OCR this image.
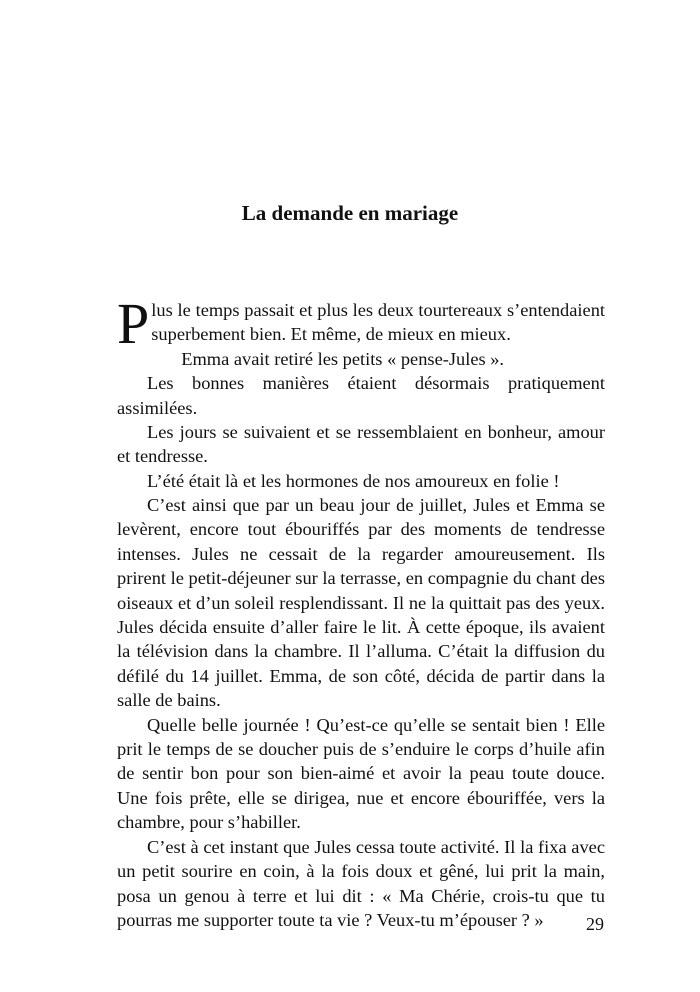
La demande en mariage

Plus le temps passait et plus les deux tourtereaux s’entendaient superbement bien. Et même, de mieux en mieux.

Emma avait retiré les petits « pense-Jules ».

Les bonnes manières étaient désormais pratiquement assimilées.

Les jours se suivaient et se ressemblaient en bonheur, amour et tendresse.

L’été était là et les hormones de nos amoureux en folie !

C’est ainsi que par un beau jour de juillet, Jules et Emma se levèrent, encore tout ébouriffés par des moments de tendresse intenses. Jules ne cessait de la regarder amoureusement. Ils prirent le petit-déjeuner sur la terrasse, en compagnie du chant des oiseaux et d’un soleil resplendissant. Il ne la quittait pas des yeux. Jules décida ensuite d’aller faire le lit. À cette époque, ils avaient la télévision dans la chambre. Il l’alluma. C’était la diffusion du défilé du 14 juillet. Emma, de son côté, décida de partir dans la salle de bains.

Quelle belle journée ! Qu’est-ce qu’elle se sentait bien ! Elle prit le temps de se doucher puis de s’enduire le corps d’huile afin de sentir bon pour son bien-aimé et avoir la peau toute douce. Une fois prête, elle se dirigea, nue et encore ébouriffée, vers la chambre, pour s’habiller.

C’est à cet instant que Jules cessa toute activité. Il la fixa avec un petit sourire en coin, à la fois doux et gêné, lui prit la main, posa un genou à terre et lui dit : « Ma Chérie, crois-tu que tu pourras me supporter toute ta vie ? Veux-tu m’épouser ? »	29
